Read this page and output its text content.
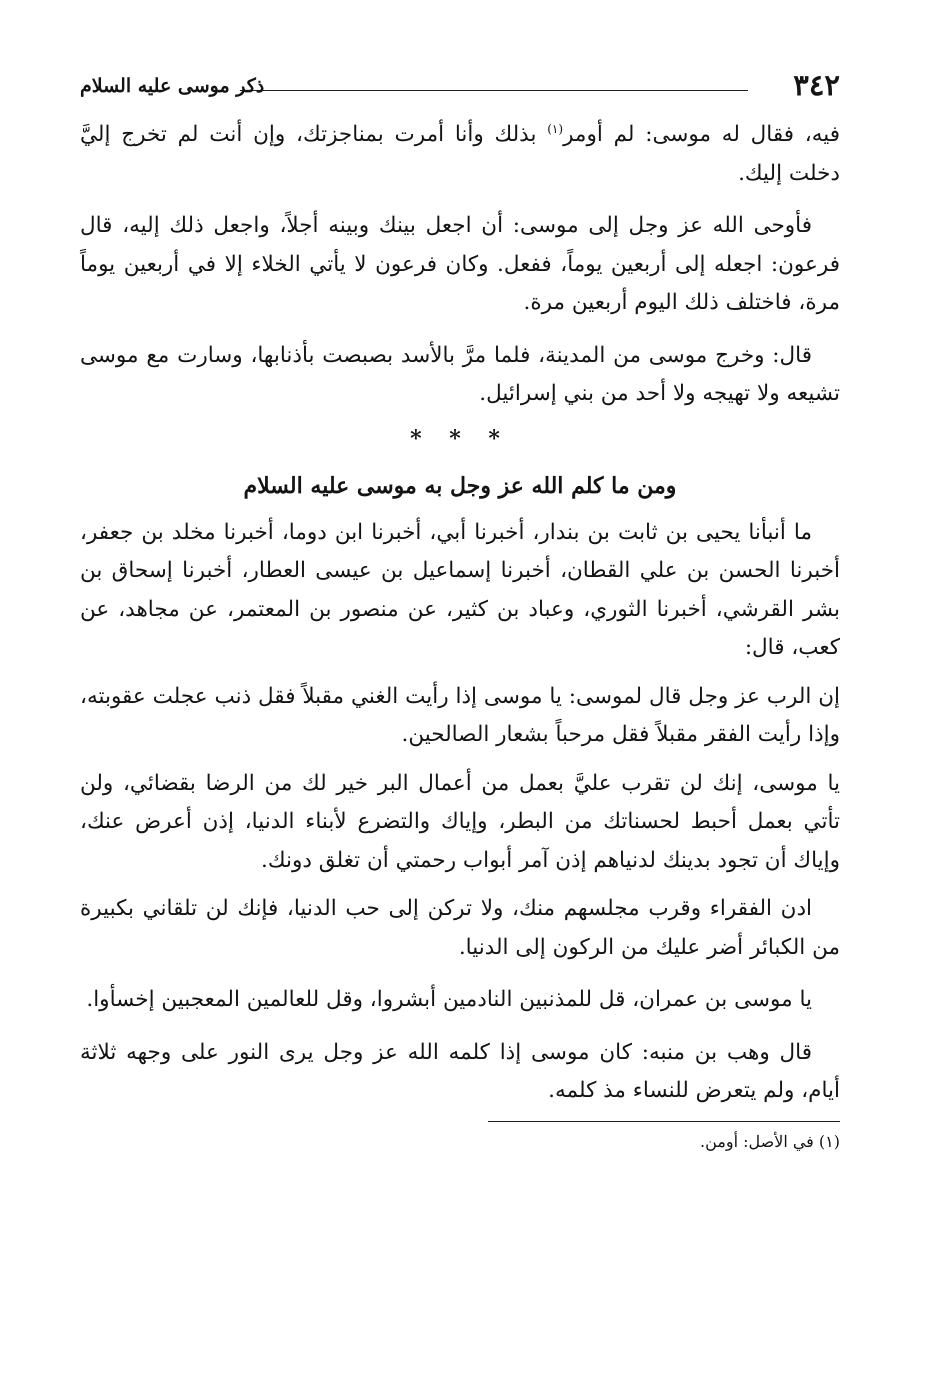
٣٤٢
ذكر موسى عليه السلام

فيه، فقال له موسى: لم أومر$^{(١)}$ بذلك وأنا أمرت بمناجزتك، وإن أنت لم تخرج إليَّ دخلت إليك.

فأوحى الله عز وجل إلى موسى: أن اجعل بينك وبينه أجلاً، واجعل ذلك إليه، قال فرعون: اجعله إلى أربعين يوماً، ففعل. وكان فرعون لا يأتي الخلاء إلا في أربعين يوماً مرة، فاختلف ذلك اليوم أربعين مرة.

قال: وخرج موسى من المدينة، فلما مرَّ بالأسد بصبصت بأذنابها، وسارت مع موسى تشيعه ولا تهيجه ولا أحد من بني إسرائيل.

* * *
ومن ما كلم الله عز وجل به موسى عليه السلام

ما أنبأنا يحيى بن ثابت بن بندار، أخبرنا أبي، أخبرنا ابن دوما، أخبرنا مخلد بن جعفر، أخبرنا الحسن بن علي القطان، أخبرنا إسماعيل بن عيسى العطار، أخبرنا إسحاق بن بشر القرشي، أخبرنا الثوري، وعباد بن كثير، عن منصور بن المعتمر، عن مجاهد، عن كعب، قال:

إن الرب عز وجل قال لموسى: يا موسى إذا رأيت الغني مقبلاً فقل ذنب عجلت عقوبته، وإذا رأيت الفقر مقبلاً فقل مرحباً بشعار الصالحين.

يا موسى، إنك لن تقرب عليَّ بعمل من أعمال البر خير لك من الرضا بقضائي، ولن تأتي بعمل أحبط لحسناتك من البطر، وإياك والتضرع لأبناء الدنيا، إذن أعرض عنك، وإياك أن تجود بدينك لدنياهم إذن آمر أبواب رحمتي أن تغلق دونك.

ادن الفقراء وقرب مجلسهم منك، ولا تركن إلى حب الدنيا، فإنك لن تلقاني بكبيرة من الكبائر أضر عليك من الركون إلى الدنيا.

يا موسى بن عمران، قل للمذنبين النادمين أبشروا، وقل للعالمين المعجبين إخسأوا.

قال وهب بن منبه: كان موسى إذا كلمه الله عز وجل يرى النور على وجهه ثلاثة أيام، ولم يتعرض للنساء مذ كلمه.

(١) في الأصل: أومن.
